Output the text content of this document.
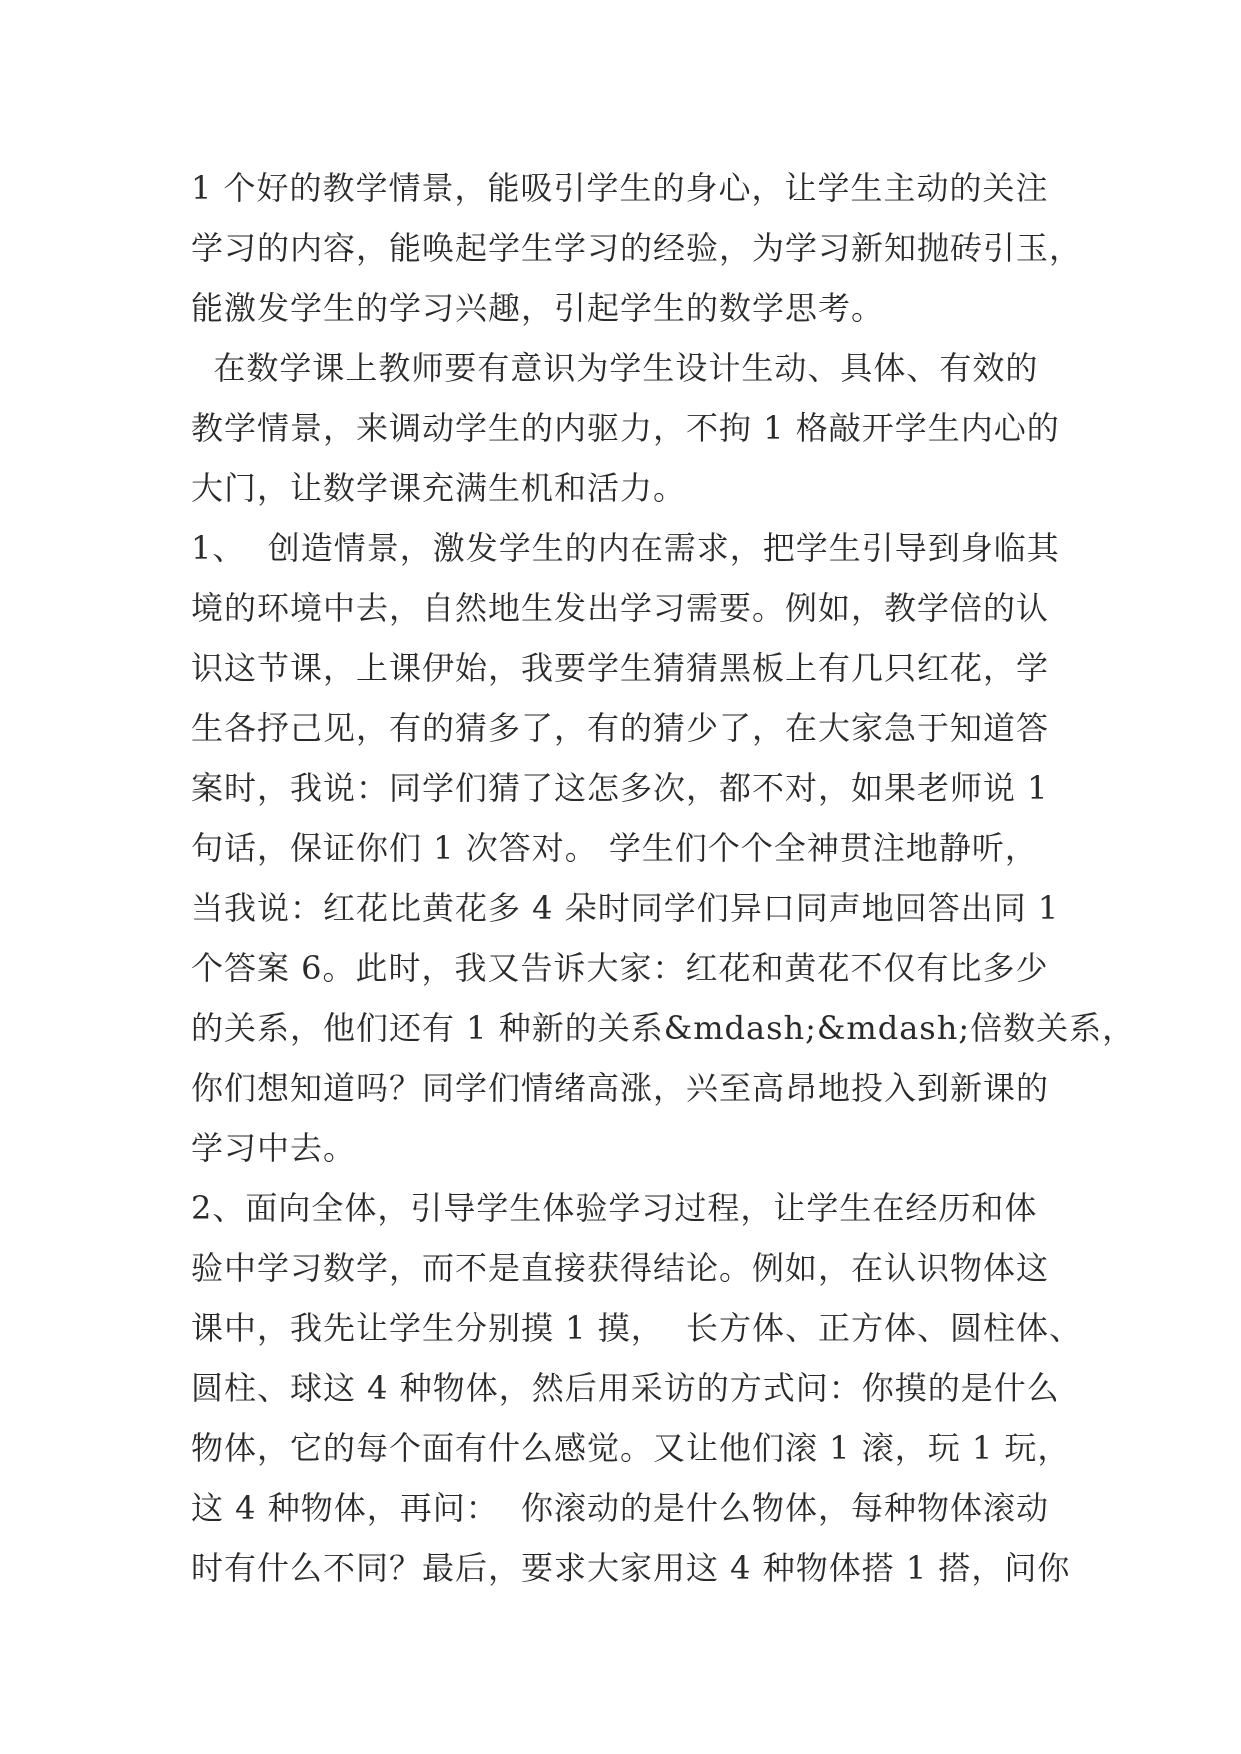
1 个好的教学情景，能吸引学生的身心，让学生主动的关注
学习的内容，能唤起学生学习的经验，为学习新知抛砖引玉，
能激发学生的学习兴趣，引起学生的数学思考。
在数学课上教师要有意识为学生设计生动、具体、有效的
教学情景，来调动学生的内驱力，不拘 1 格敲开学生内心的
大门，让数学课充满生机和活力。
1、  创造情景，激发学生的内在需求，把学生引导到身临其
境的环境中去，自然地生发出学习需要。例如，教学倍的认
识这节课，上课伊始，我要学生猜猜黑板上有几只红花，学
生各抒己见，有的猜多了，有的猜少了，在大家急于知道答
案时，我说：同学们猜了这怎多次，都不对，如果老师说 1
句话，保证你们 1 次答对。 学生们个个全神贯注地静听，
当我说：红花比黄花多 4 朵时同学们异口同声地回答出同 1
个答案 6。此时，我又告诉大家：红花和黄花不仅有比多少
的关系，他们还有 1 种新的关系&mdash;&mdash;倍数关系，
你们想知道吗？同学们情绪高涨，兴至高昂地投入到新课的
学习中去。
2、面向全体，引导学生体验学习过程，让学生在经历和体
验中学习数学，而不是直接获得结论。例如，在认识物体这
课中，我先让学生分别摸 1 摸，  长方体、正方体、圆柱体、
圆柱、球这 4 种物体，然后用采访的方式问：你摸的是什么
物体，它的每个面有什么感觉。又让他们滚 1 滚，玩 1 玩，
这 4 种物体，再问：  你滚动的是什么物体，每种物体滚动
时有什么不同？最后，要求大家用这 4 种物体搭 1 搭，问你
